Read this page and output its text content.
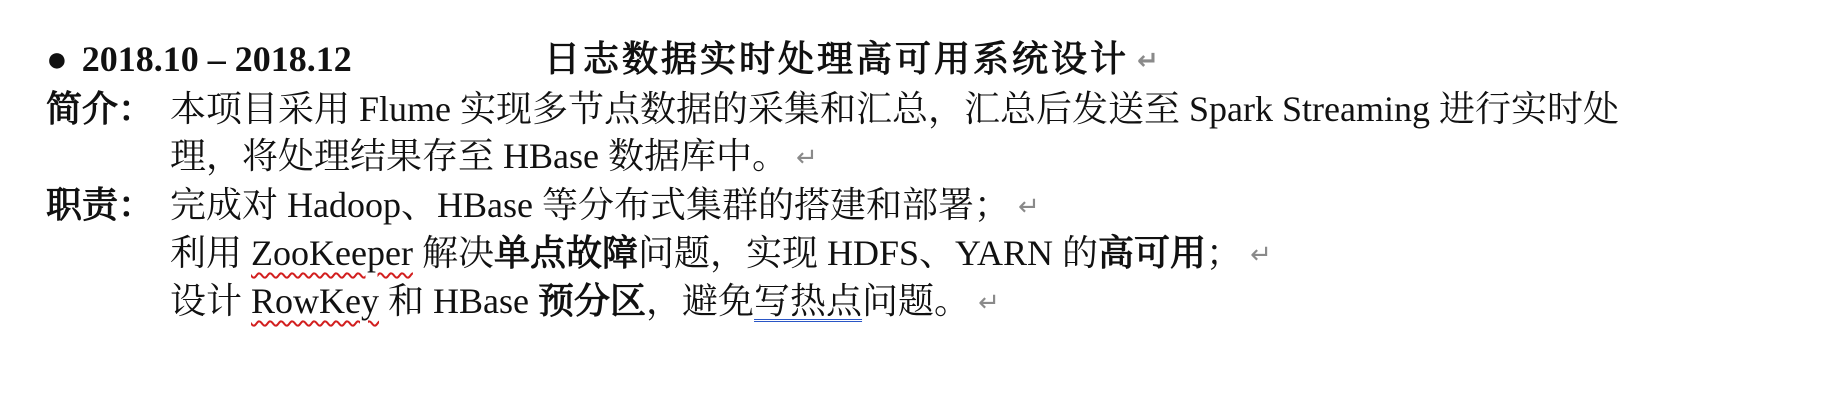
● 2018.10 – 2018.12	日志数据实时处理高可用系统设计 ↵
简介： 本项目采用 Flume 实现多节点数据的采集和汇总，汇总后发送至 Spark Streaming 进行实时处
理，将处理结果存至 HBase 数据库中。 ↵
职责： 完成对 Hadoop、HBase 等分布式集群的搭建和部署； ↵
利用 ZooKeeper 解决单点故障问题，实现 HDFS、YARN 的高可用； ↵
设计 RowKey 和 HBase 预分区，避免写热点问题。 ↵
